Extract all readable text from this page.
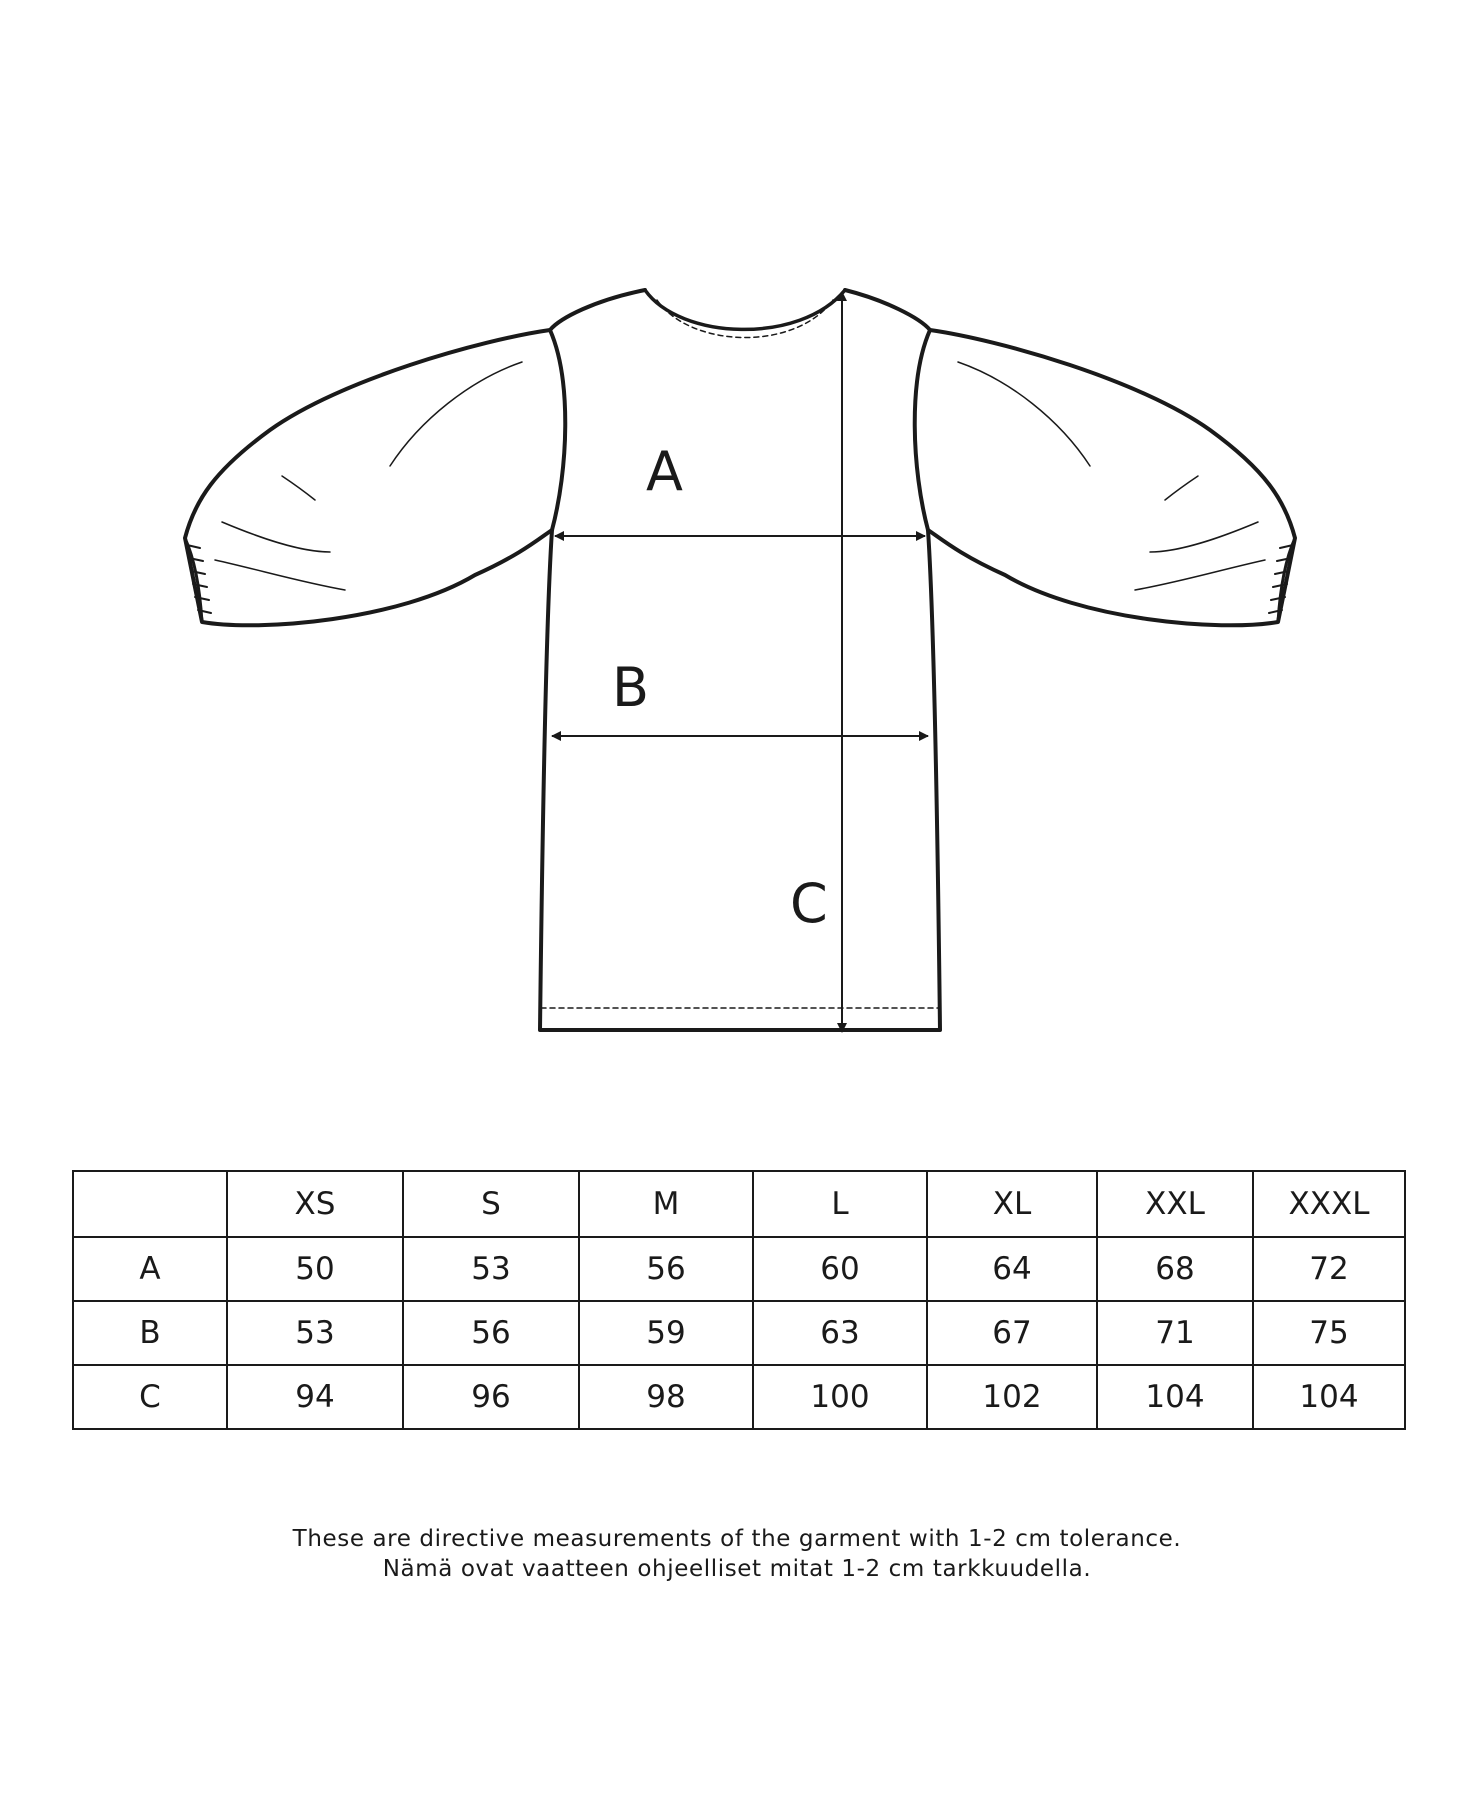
A
B
C
	XS	S	M	L	XL	XXL	XXXL
A	50	53	56	60	64	68	72
B	53	56	59	63	67	71	75
C	94	96	98	100	102	104	104
These are directive measurements of the garment with 1-2 cm tolerance.
Nämä ovat vaatteen ohjeelliset mitat 1-2 cm tarkkuudella.
